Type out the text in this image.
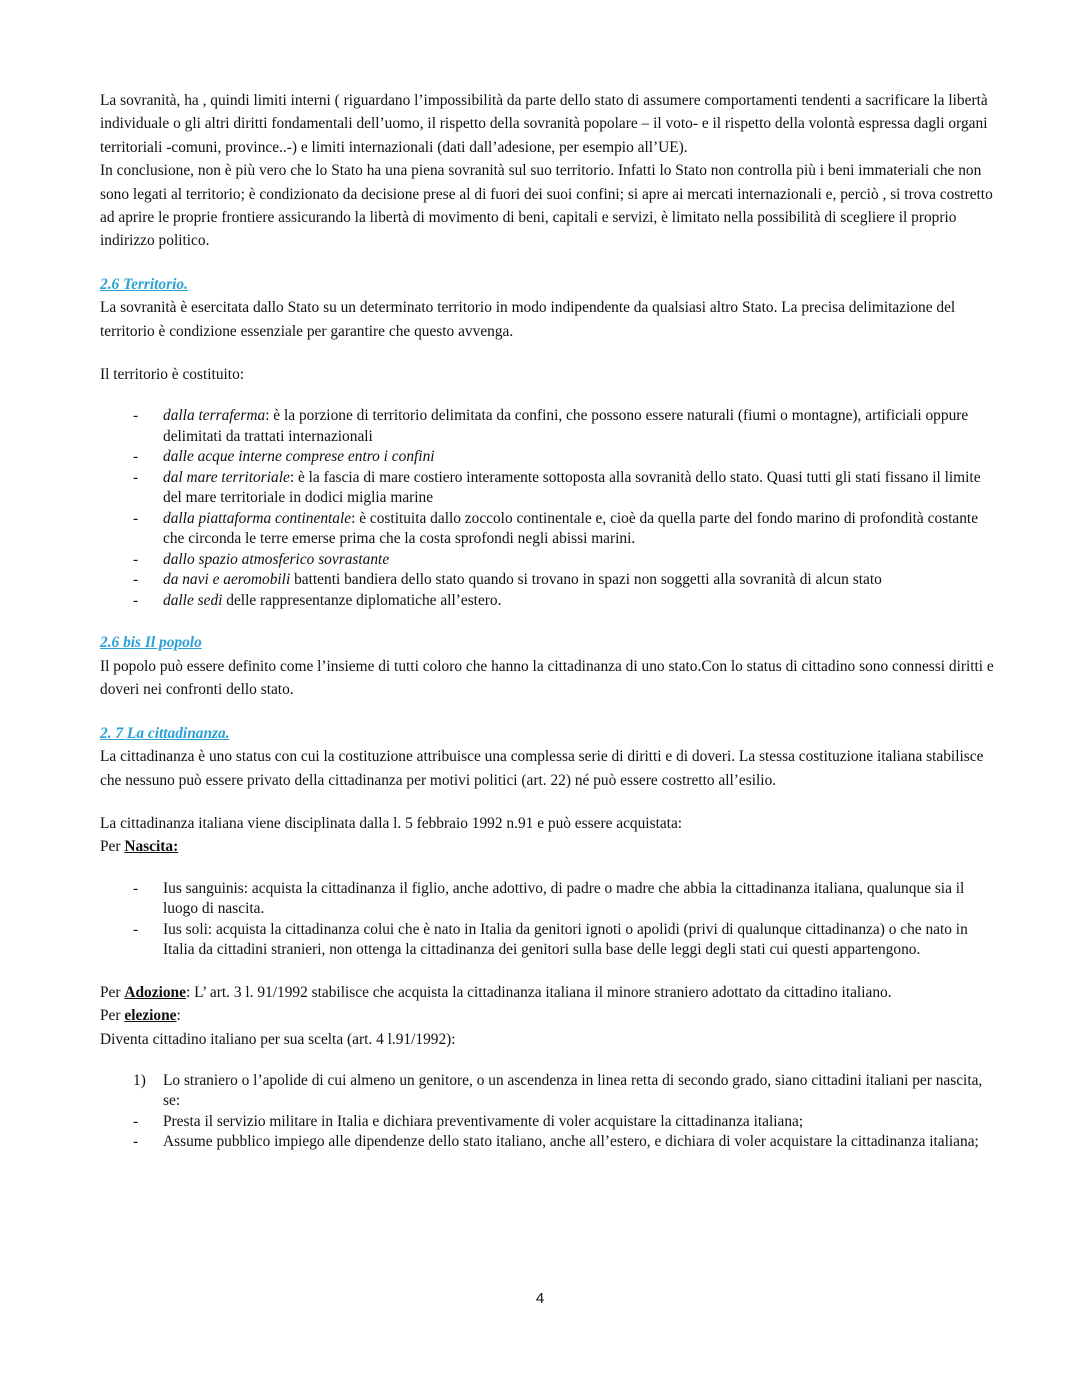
La sovranità, ha , quindi limiti interni ( riguardano l’impossibilità da parte dello stato di assumere comportamenti tendenti a sacrificare la libertà individuale o gli altri diritti fondamentali dell’uomo, il rispetto della sovranità popolare – il voto- e il rispetto della volontà espressa dagli organi territoriali -comuni, province..-) e limiti internazionali (dati dall’adesione, per esempio all’UE).

In conclusione, non è più vero che lo Stato ha una piena sovranità sul suo territorio. Infatti lo Stato non controlla più i beni immateriali che non sono legati al territorio; è condizionato da decisione prese al di fuori dei suoi confini; si apre ai mercati internazionali e, perciò , si trova costretto ad aprire le proprie frontiere assicurando la libertà di movimento di beni, capitali e servizi, è limitato nella possibilità di scegliere il proprio indirizzo politico.

2.6 Territorio.

La sovranità è esercitata dallo Stato su un determinato territorio in modo indipendente da qualsiasi altro Stato. La precisa delimitazione del territorio è condizione essenziale per garantire che questo avvenga.

Il territorio è costituito:

- dalla terraferma: è la porzione di territorio delimitata da confini, che possono essere naturali (fiumi o montagne), artificiali oppure delimitati da trattati internazionali
- dalle acque interne comprese entro i confini
- dal mare territoriale: è la fascia di mare costiero interamente sottoposta alla sovranità dello stato. Quasi tutti gli stati fissano il limite del mare territoriale in dodici miglia marine
- dalla piattaforma continentale: è costituita dallo zoccolo continentale e, cioè da quella parte del fondo marino di profondità costante che circonda le terre emerse prima che la costa sprofondi negli abissi marini.
- dallo spazio atmosferico sovrastante
- da navi e aeromobili battenti bandiera dello stato quando si trovano in spazi non soggetti alla sovranità di alcun stato
- dalle sedi delle rappresentanze diplomatiche all’estero.

2.6 bis Il popolo

Il popolo può essere definito come l’insieme di tutti coloro che hanno la cittadinanza di uno stato.Con lo status di cittadino sono connessi diritti e doveri nei confronti dello stato.

2. 7 La cittadinanza.

La cittadinanza è uno status con cui la costituzione attribuisce una complessa serie di diritti e di doveri. La stessa costituzione italiana stabilisce che nessuno può essere privato della cittadinanza per motivi politici (art. 22) né può essere costretto all’esilio.

La cittadinanza italiana viene disciplinata dalla l. 5 febbraio 1992 n.91 e può essere acquistata:

Per Nascita:

- Ius sanguinis: acquista la cittadinanza il figlio, anche adottivo, di padre o madre che abbia la cittadinanza italiana, qualunque sia il luogo di nascita.
- Ius soli: acquista la cittadinanza colui che è nato in Italia da genitori ignoti o apolidi (privi di qualunque cittadinanza) o che nato in Italia da cittadini stranieri, non ottenga la cittadinanza dei genitori sulla base delle leggi degli stati cui questi appartengono.

Per Adozione: L’ art. 3 l. 91/1992 stabilisce che acquista la cittadinanza italiana il minore straniero adottato da cittadino italiano.

Per elezione:

Diventa cittadino italiano per sua scelta (art. 4 l.91/1992):

1) Lo straniero o l’apolide di cui almeno un genitore, o un ascendenza in linea retta di secondo grado, siano cittadini italiani per nascita, se:
- Presta il servizio militare in Italia e dichiara preventivamente di voler acquistare la cittadinanza italiana;
- Assume pubblico impiego alle dipendenze dello stato italiano, anche all’estero, e dichiara di voler acquistare la cittadinanza italiana;
4
